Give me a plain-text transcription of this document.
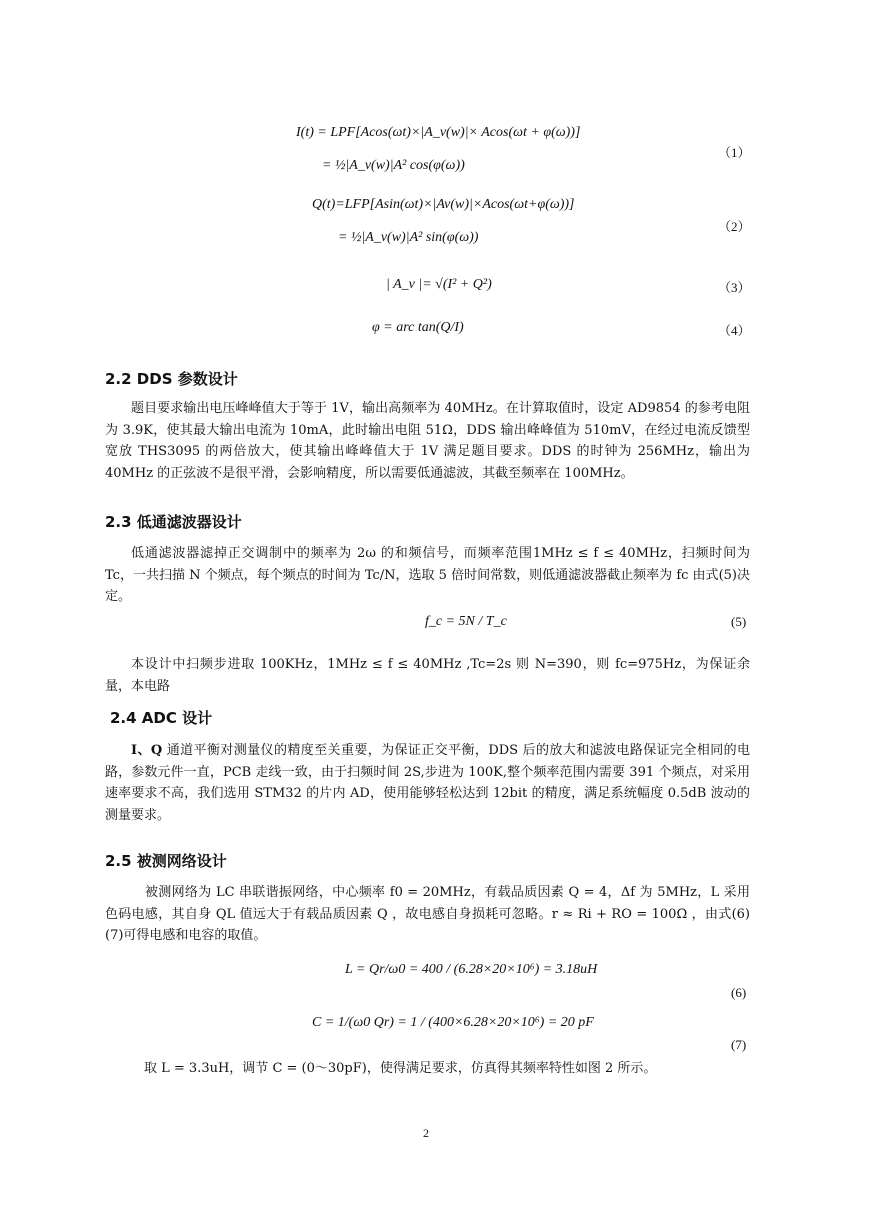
I(t) = LPF[Acos(ωt)×|A_v(w)|× Acos(ωt + φ(ω))]
= ½|A_v(w)|A² cos(φ(ω))
（1）
Q(t)=LFP[Asin(ωt)×|Av(w)|×Acos(ωt+φ(ω))]
= ½|A_v(w)|A² sin(φ(ω))
（2）
| A_v |= √(I² + Q²)	（3）
φ = arc tan(Q/I)	（4）
2.2 DDS 参数设计
题目要求输出电压峰峰值大于等于 1V，输出高频率为 40MHz。在计算取值时，设定 AD9854 的参考电阻为 3.9K，使其最大输出电流为 10mA，此时输出电阻 51Ω，DDS 输出峰峰值为 510mV，在经过电流反馈型宽放 THS3095 的两倍放大，使其输出峰峰值大于 1V 满足题目要求。DDS 的时钟为 256MHz，输出为 40MHz 的正弦波不是很平滑，会影响精度，所以需要低通滤波，其截至频率在 100MHz。
2.3 低通滤波器设计
低通滤波器滤掉正交调制中的频率为 2ω 的和频信号，而频率范围1MHz ≤ f ≤ 40MHz，扫频时间为 Tc，一共扫描 N 个频点，每个频点的时间为 Tc/N，选取 5 倍时间常数，则低通滤波器截止频率为 fc 由式(5)决定。
f_c = 5N / T_c	(5)
本设计中扫频步进取 100KHz，1MHz ≤ f ≤ 40MHz ,Tc=2s 则 N=390，则 fc=975Hz，为保证余量，本电路
2.4 ADC 设计
I、Q 通道平衡对测量仪的精度至关重要，为保证正交平衡，DDS 后的放大和滤波电路保证完全相同的电路，参数元件一直，PCB 走线一致，由于扫频时间 2S,步进为 100K,整个频率范围内需要 391 个频点，对采用速率要求不高，我们选用 STM32 的片内 AD，使用能够轻松达到 12bit 的精度，满足系统幅度 0.5dB 波动的测量要求。
2.5 被测网络设计
被测网络为 LC 串联谐振网络，中心频率 f0 = 20MHz，有载品质因素 Q = 4，Δf 为 5MHz，L 采用色码电感，其自身 QL 值远大于有载品质因素 Q ，故电感自身损耗可忽略。r ≈ Ri + RO = 100Ω ，由式(6)(7)可得电感和电容的取值。
L = Qr/ω0 = 400 / (6.28×20×10⁶) = 3.18uH
(6)
C = 1/(ω0 Qr) = 1 / (400×6.28×20×10⁶) = 20 pF
(7)
取 L = 3.3uH，调节 C = (0～30pF)，使得满足要求，仿真得其频率特性如图 2 所示。
2
